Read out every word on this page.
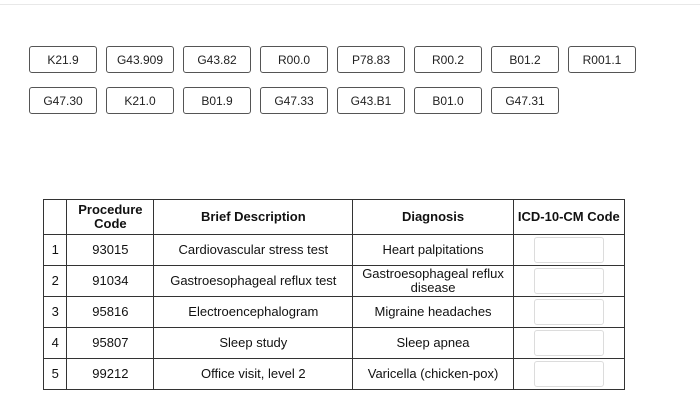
K21.9	G43.909	G43.82	R00.0	P78.83	R00.2	B01.2	R001.1
G47.30	K21.0	B01.9	G47.33	G43.B1	B01.0	G47.31
	Procedure Code	Brief Description	Diagnosis	ICD-10-CM Code
1	93015	Cardiovascular stress test	Heart palpitations	

2	91034	Gastroesophageal reflux test	Gastroesophageal reflux disease	

3	95816	Electroencephalogram	Migraine headaches	

4	95807	Sleep study	Sleep apnea	

5	99212	Office visit, level 2	Varicella (chicken-pox)	
